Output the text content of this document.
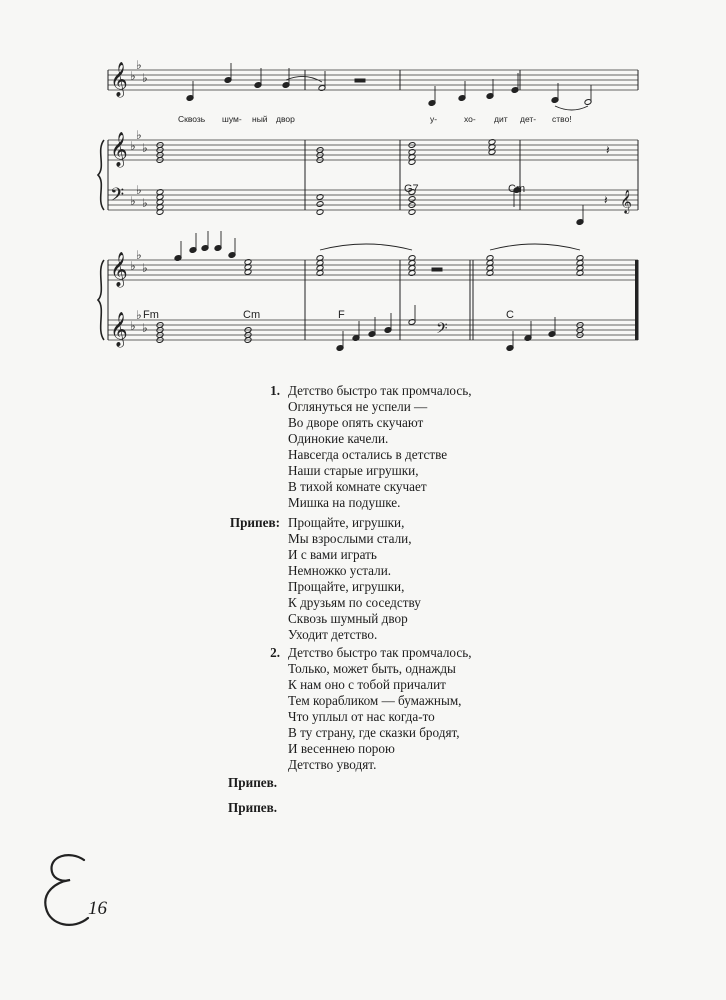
𝄞 ♭
♭
♭
𝄞 ♭
♭
♭
𝄢 ♭
♭
♭
𝄞 ♭
♭
♭
𝄞 ♭
♭
♭
𝄽
𝄽 𝄞
𝄢
Сквозь шум- ный двор	у-	хо- дит дет- ство!
G7	Cm
Fm	Cm	F	C
1. Детство быстро так промчалось,
Оглянуться не успели —
Во дворе опять скучают
Одинокие качели.
Навсегда остались в детстве
Наши старые игрушки,
В тихой комнате скучает
Мишка на подушке.
Припев: Прощайте, игрушки,
Мы взрослыми стали,
И с вами играть
Немножко устали.
Прощайте, игрушки,
К друзьям по соседству
Сквозь шумный двор
Уходит детство.
2. Детство быстро так промчалось,
Только, может быть, однажды
К нам оно с тобой причалит
Тем корабликом — бумажным,
Что уплыл от нас когда-то
В ту страну, где сказки бродят,
И весеннею порою
Детство уводят.
Припев.
Припев.
16
